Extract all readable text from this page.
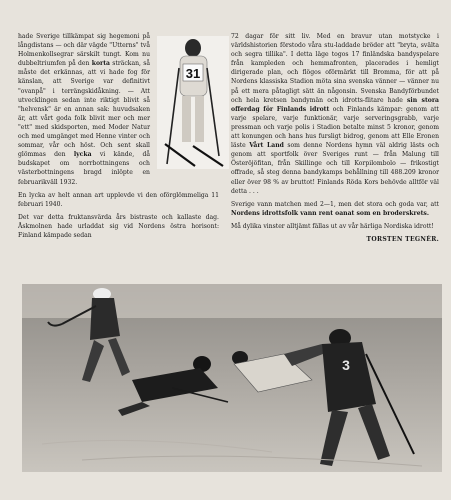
hade Sverige tillkämpat sig hegemoni på långdistans — och där vägde "Utterns" två Holmenkollsegrar särskilt tungt. Kom nu dubbeltriumfen på den korta sträckan, så måste det erkännas, att vi hade fog för känslan, att Sverige var definitivt "ovanpå" i terrängskidåkning. — Att utvecklingen sedan inte riktigt blivit så "helvensk" är en annan sak: huvudsaken är, att vårt goda folk blivit mer och mer "ett" med skidsporten, med Moder Natur och med umgänget med Henne vinter och sommar, vår och höst. Och sent skall glömmas den lycka vi kände, då budskapet om norrbottningens och västerbottningens bragd inlöpte en februarikväll 1932.

En lycka av helt annan art upplevde vi den oförglömmeliga 11 februari 1940.

Det var detta fruktansvärda års bistraste och kallaste dag. Åskmolnen hade urladdat sig vid Nordens östra horisont: Finland kämpade sedan

31

72 dagar för sitt liv. Med en bravur utan motstycke i världshistorien förstodo våra stu-laddade bröder att "bryta, svälta och segra tillika". I detta läge togos 17 finländska bandyspelare från kampleden och hemmafronten, placerades i hemligt dirigerade plan, och flögos oförmärkt till Bromma, för att på Nordens klassiska Stadion möta sina svenska vänner — vänner nu på ett mera påtagligt sätt än någonsin. Svenska Bandyförbundet och hela kretsen bandymän och idrotts-flitare hade sin stora offerdag för Finlands idrott och Finlands kämpar: genom att varje spelare, varje funktionär, varje serveringsgrabb, varje pressman och varje polis i Stadion betalte minst 5 kronor, genom att konungen och hans hus fursligt bidrog, genom att Elle Eronen läste Vårt Land som denne Nordens hymn väl aldrig lästs och genom att sportfolk över Sveriges runt — från Malung till Österöjöfitan, från Skillinge och till Korpilombolo — frikostigt offrade, så steg denna bandykamps behållning till 488.209 kronor eller över 98 % av bruttot! Finlands Röda Kors behövde alltför väl detta . . .

Sverige vann matchen med 2—1, men det stora och goda var, att Nordens idrottsfolk vann rent oanat som en broderskrets.

Må dylika vinster alltjämt fällas ut av vår härliga Nordiska idrott!

TORSTEN TEGNÉR.
3
